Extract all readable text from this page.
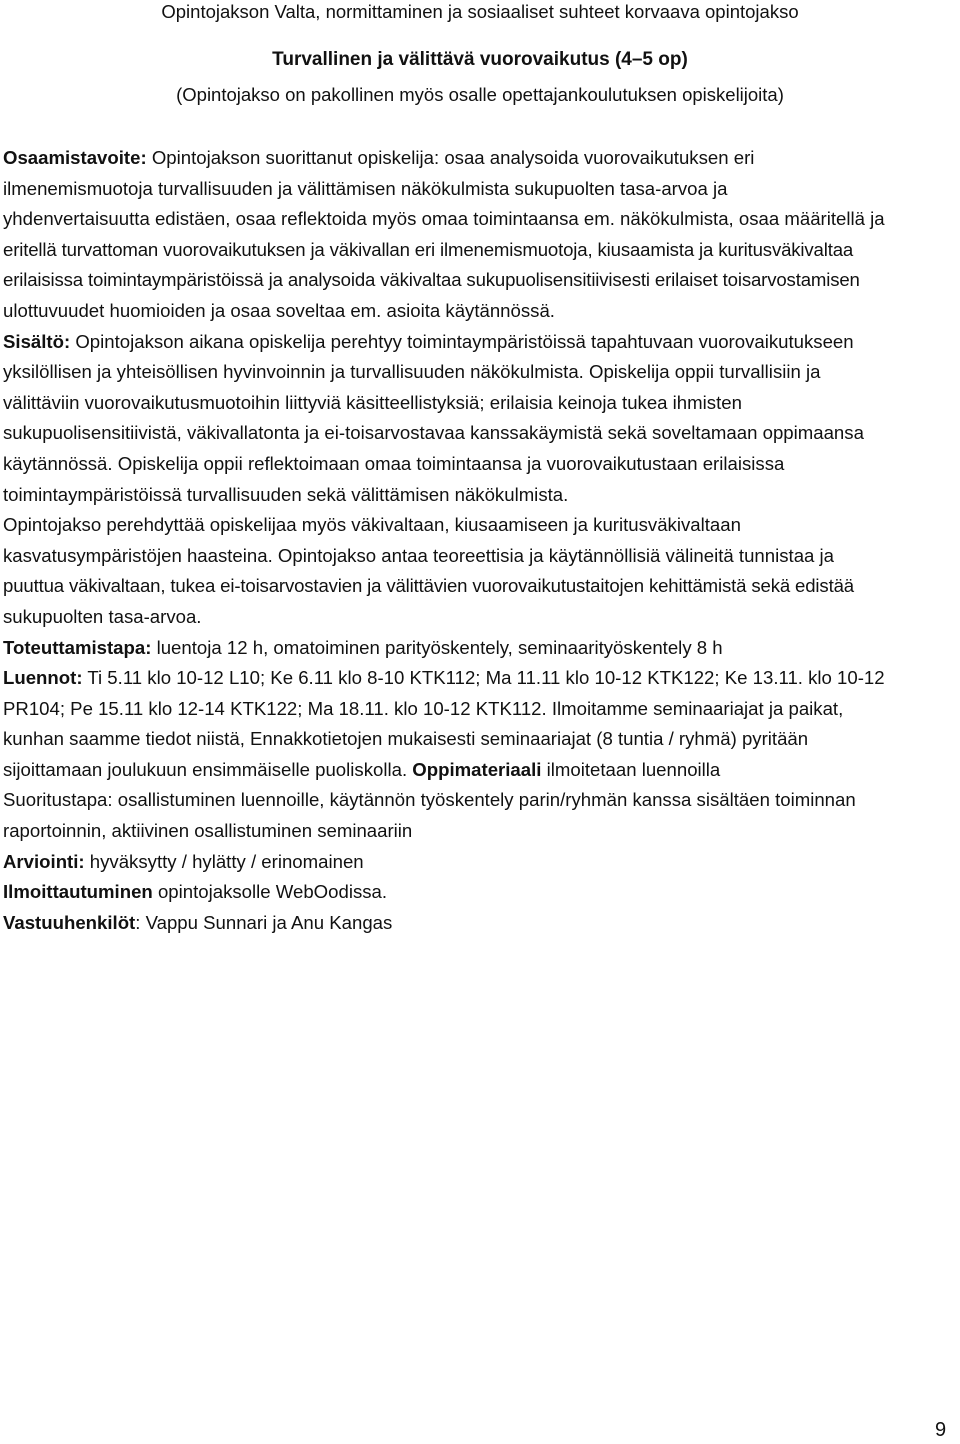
Opintojakson Valta, normittaminen ja sosiaaliset suhteet korvaava opintojakso
Turvallinen ja välittävä vuorovaikutus (4–5 op)
(Opintojakso on pakollinen myös osalle opettajankoulutuksen opiskelijoita)

Osaamistavoite: Opintojakson suorittanut opiskelija: osaa analysoida vuorovaikutuksen eri
ilmenemismuotoja turvallisuuden ja välittämisen näkökulmista sukupuolten tasa-arvoa ja
yhdenvertaisuutta edistäen, osaa reflektoida myös omaa toimintaansa em. näkökulmista, osaa määritellä ja
eritellä turvattoman vuorovaikutuksen ja väkivallan eri ilmenemismuotoja, kiusaamista ja kuritusväkivaltaa
erilaisissa toimintaympäristöissä ja analysoida väkivaltaa sukupuolisensitiivisesti erilaiset toisarvostamisen
ulottuvuudet huomioiden ja osaa soveltaa em. asioita käytännössä.

Sisältö: Opintojakson aikana opiskelija perehtyy toimintaympäristöissä tapahtuvaan vuorovaikutukseen
yksilöllisen ja yhteisöllisen hyvinvoinnin ja turvallisuuden näkökulmista. Opiskelija oppii turvallisiin ja
välittäviin vuorovaikutusmuotoihin liittyviä käsitteellistyksiä; erilaisia keinoja tukea ihmisten
sukupuolisensitiivistä, väkivallatonta ja ei-toisarvostavaa kanssakäymistä sekä soveltamaan oppimaansa
käytännössä. Opiskelija oppii reflektoimaan omaa toimintaansa ja vuorovaikutustaan erilaisissa
toimintaympäristöissä turvallisuuden sekä välittämisen näkökulmista.

Opintojakso perehdyttää opiskelijaa myös väkivaltaan, kiusaamiseen ja kuritusväkivaltaan
kasvatusympäristöjen haasteina. Opintojakso antaa teoreettisia ja käytännöllisiä välineitä tunnistaa ja
puuttua väkivaltaan, tukea ei-toisarvostavien ja välittävien vuorovaikutustaitojen kehittämistä sekä edistää
sukupuolten tasa-arvoa.

Toteuttamistapa: luentoja 12 h, omatoiminen parityöskentely, seminaarityöskentely 8 h

Luennot: Ti 5.11 klo 10-12 L10; Ke 6.11 klo 8-10 KTK112; Ma 11.11 klo 10-12 KTK122; Ke 13.11. klo 10-12
PR104; Pe 15.11 klo 12-14 KTK122; Ma 18.11. klo 10-12 KTK112. Ilmoitamme seminaariajat ja paikat,
kunhan saamme tiedot niistä, Ennakkotietojen mukaisesti seminaariajat (8 tuntia / ryhmä) pyritään
sijoittamaan joulukuun ensimmäiselle puoliskolla. Oppimateriaali ilmoitetaan luennoilla

Suoritustapa: osallistuminen luennoille, käytännön työskentely parin/ryhmän kanssa sisältäen toiminnan
raportoinnin, aktiivinen osallistuminen seminaariin

Arviointi: hyväksytty / hylätty / erinomainen

Ilmoittautuminen opintojaksolle WebOodissa.

Vastuuhenkilöt: Vappu Sunnari ja Anu Kangas

9
